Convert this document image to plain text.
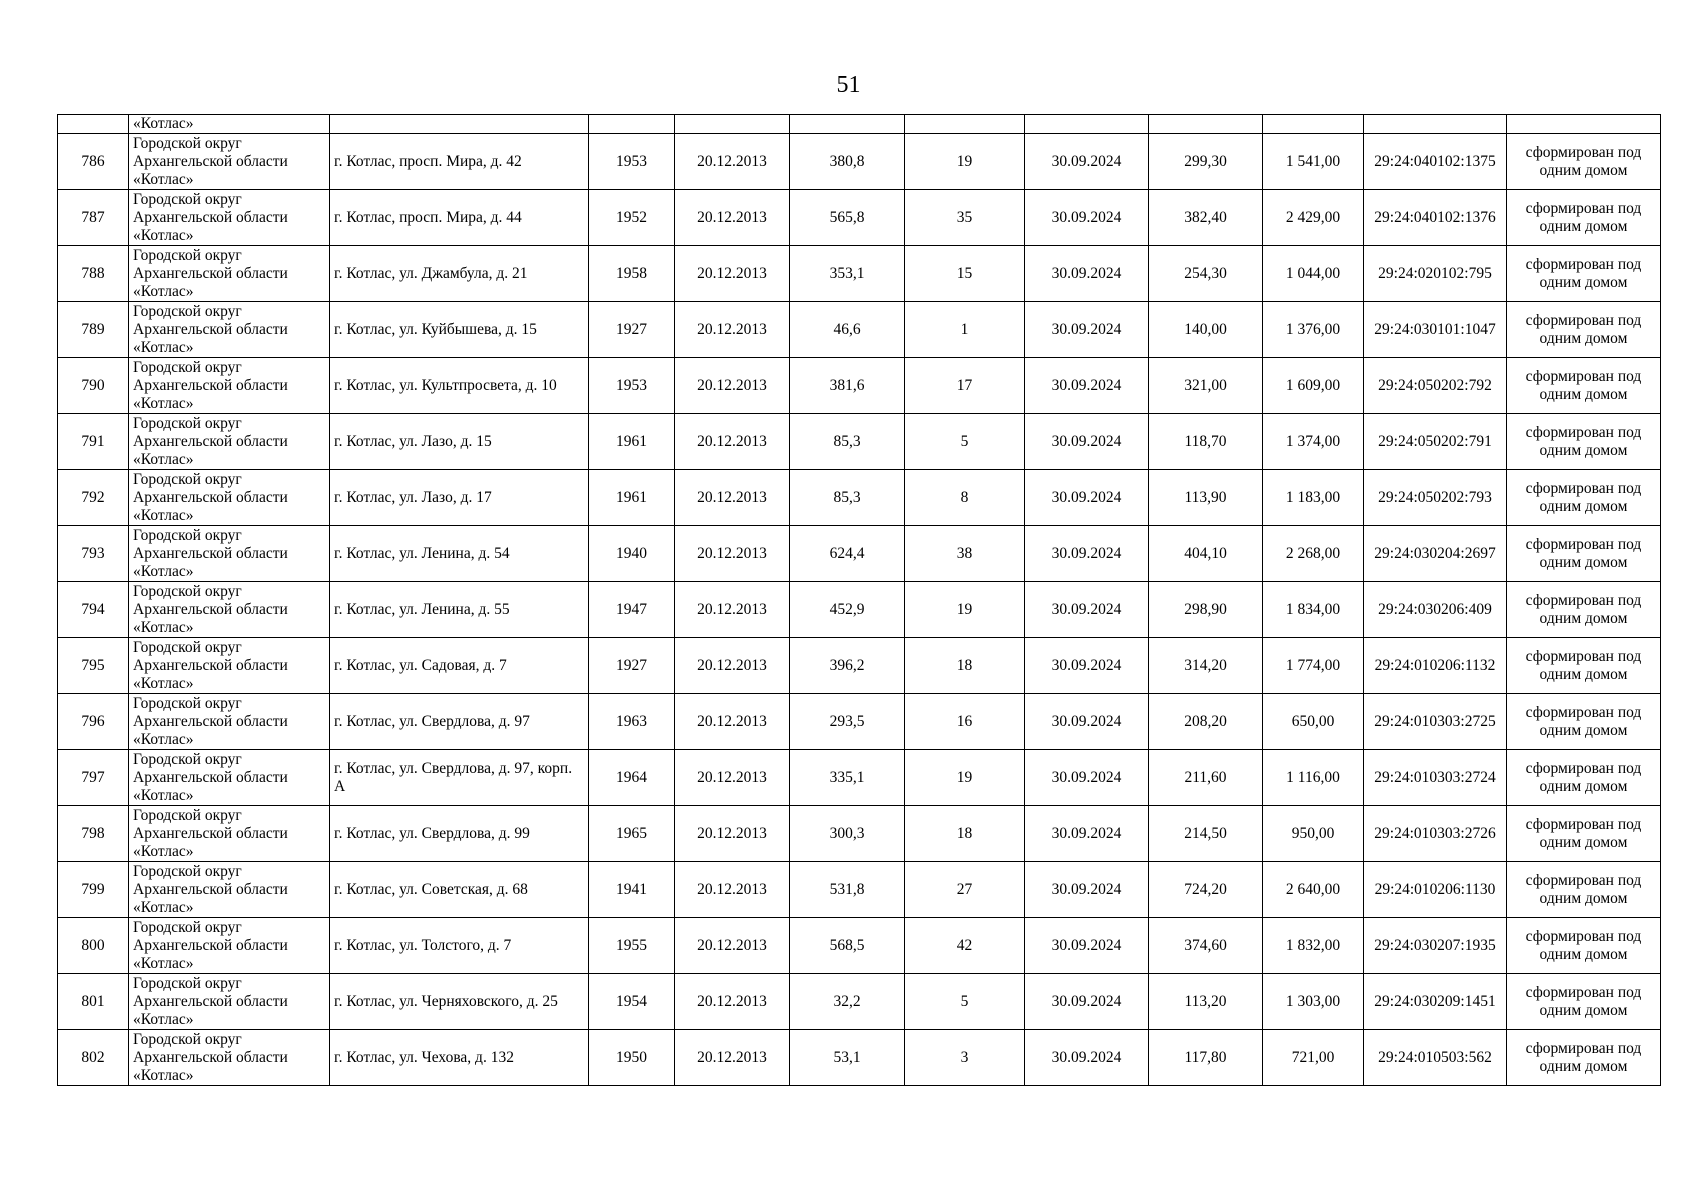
51
	«Котлас»										
786	Городской округ Архангельской области «Котлас»	г. Котлас, просп. Мира, д. 42	1953	20.12.2013	380,8	19	30.09.2024	299,30	1 541,00	29:24:040102:1375	сформирован под одним домом
787	Городской округ Архангельской области «Котлас»	г. Котлас, просп. Мира, д. 44	1952	20.12.2013	565,8	35	30.09.2024	382,40	2 429,00	29:24:040102:1376	сформирован под одним домом
788	Городской округ Архангельской области «Котлас»	г. Котлас, ул. Джамбула, д. 21	1958	20.12.2013	353,1	15	30.09.2024	254,30	1 044,00	29:24:020102:795	сформирован под одним домом
789	Городской округ Архангельской области «Котлас»	г. Котлас, ул. Куйбышева, д. 15	1927	20.12.2013	46,6	1	30.09.2024	140,00	1 376,00	29:24:030101:1047	сформирован под одним домом
790	Городской округ Архангельской области «Котлас»	г. Котлас, ул. Культпросвета, д. 10	1953	20.12.2013	381,6	17	30.09.2024	321,00	1 609,00	29:24:050202:792	сформирован под одним домом
791	Городской округ Архангельской области «Котлас»	г. Котлас, ул. Лазо, д. 15	1961	20.12.2013	85,3	5	30.09.2024	118,70	1 374,00	29:24:050202:791	сформирован под одним домом
792	Городской округ Архангельской области «Котлас»	г. Котлас, ул. Лазо, д. 17	1961	20.12.2013	85,3	8	30.09.2024	113,90	1 183,00	29:24:050202:793	сформирован под одним домом
793	Городской округ Архангельской области «Котлас»	г. Котлас, ул. Ленина, д. 54	1940	20.12.2013	624,4	38	30.09.2024	404,10	2 268,00	29:24:030204:2697	сформирован под одним домом
794	Городской округ Архангельской области «Котлас»	г. Котлас, ул. Ленина, д. 55	1947	20.12.2013	452,9	19	30.09.2024	298,90	1 834,00	29:24:030206:409	сформирован под одним домом
795	Городской округ Архангельской области «Котлас»	г. Котлас, ул. Садовая, д. 7	1927	20.12.2013	396,2	18	30.09.2024	314,20	1 774,00	29:24:010206:1132	сформирован под одним домом
796	Городской округ Архангельской области «Котлас»	г. Котлас, ул. Свердлова, д. 97	1963	20.12.2013	293,5	16	30.09.2024	208,20	650,00	29:24:010303:2725	сформирован под одним домом
797	Городской округ Архангельской области «Котлас»	г. Котлас, ул. Свердлова, д. 97, корп. А	1964	20.12.2013	335,1	19	30.09.2024	211,60	1 116,00	29:24:010303:2724	сформирован под одним домом
798	Городской округ Архангельской области «Котлас»	г. Котлас, ул. Свердлова, д. 99	1965	20.12.2013	300,3	18	30.09.2024	214,50	950,00	29:24:010303:2726	сформирован под одним домом
799	Городской округ Архангельской области «Котлас»	г. Котлас, ул. Советская, д. 68	1941	20.12.2013	531,8	27	30.09.2024	724,20	2 640,00	29:24:010206:1130	сформирован под одним домом
800	Городской округ Архангельской области «Котлас»	г. Котлас, ул. Толстого, д. 7	1955	20.12.2013	568,5	42	30.09.2024	374,60	1 832,00	29:24:030207:1935	сформирован под одним домом
801	Городской округ Архангельской области «Котлас»	г. Котлас, ул. Черняховского, д. 25	1954	20.12.2013	32,2	5	30.09.2024	113,20	1 303,00	29:24:030209:1451	сформирован под одним домом
802	Городской округ Архангельской области «Котлас»	г. Котлас, ул. Чехова, д. 132	1950	20.12.2013	53,1	3	30.09.2024	117,80	721,00	29:24:010503:562	сформирован под одним домом
